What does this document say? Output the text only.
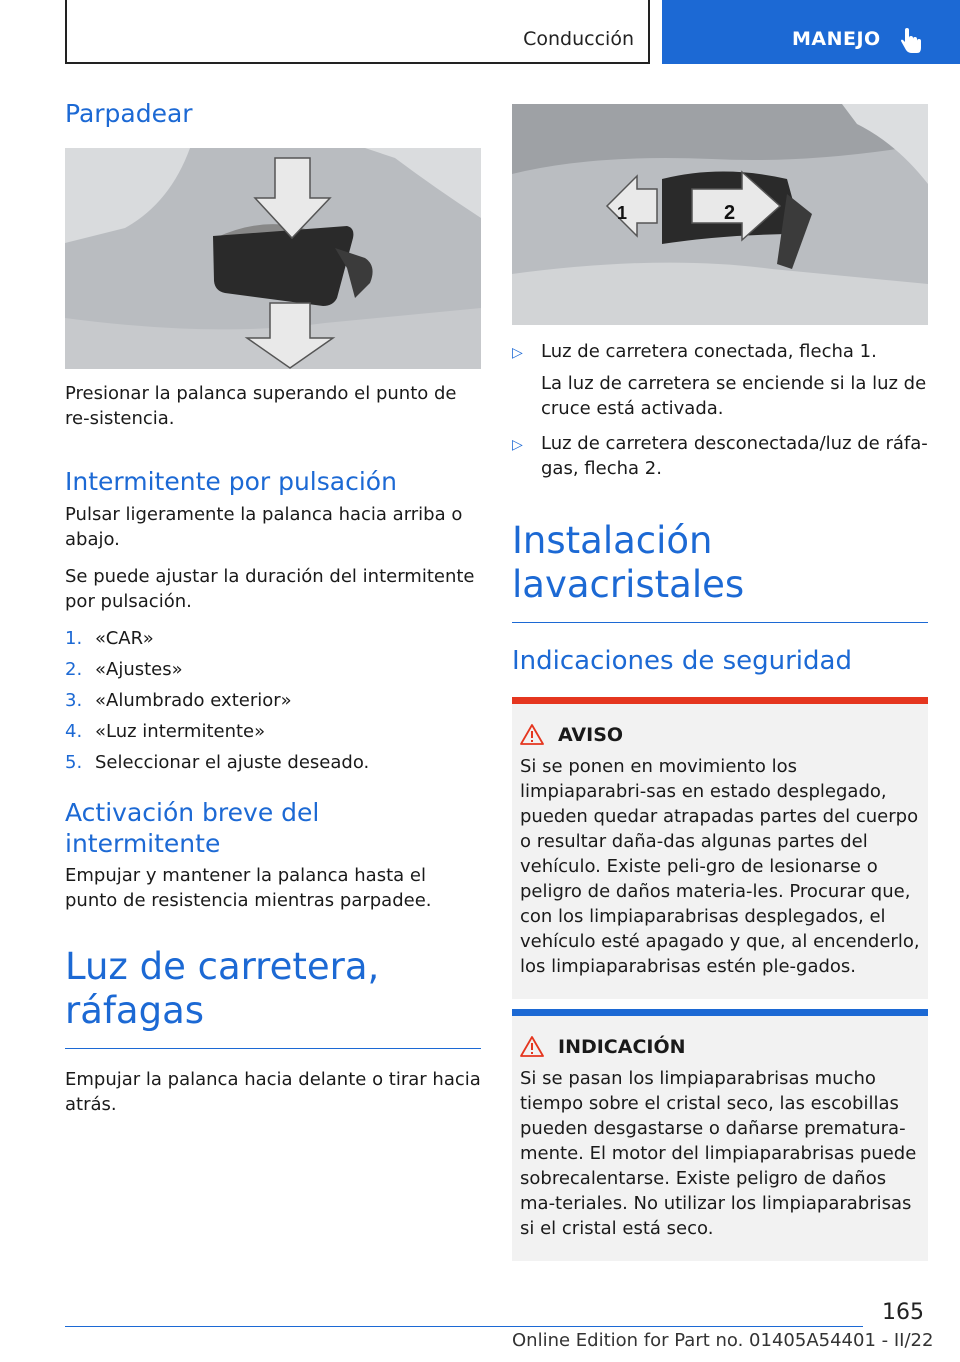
Conducción	MANEJO
Parpadear

Presionar la palanca superando el punto de re-sistencia.

Intermitente por pulsación

Pulsar ligeramente la palanca hacia arriba o abajo.

Se puede ajustar la duración del intermitente por pulsación.

1. «CAR»
2. «Ajustes»
3. «Alumbrado exterior»
4. «Luz intermitente»
5. Seleccionar el ajuste deseado.
Activación breve del intermitente

Empujar y mantener la palanca hasta el punto de resistencia mientras parpadee.

Luz de carretera, ráfagas

Empujar la palanca hacia delante o tirar hacia atrás.

1	2
▷	Luz de carretera conectada, flecha 1.
La luz de carretera se enciende si la luz de cruce está activada.
▷	Luz de carretera desconectada/luz de ráfa-gas, flecha 2.
Instalación lavacristales
Indicaciones de seguridad
AVISO

Si se ponen en movimiento los limpiaparabri-sas en estado desplegado, pueden quedar atrapadas partes del cuerpo o resultar daña-das algunas partes del vehículo. Existe peli-gro de lesionarse o peligro de daños materia-les. Procurar que, con los limpiaparabrisas desplegados, el vehículo esté apagado y que, al encenderlo, los limpiaparabrisas estén ple-gados.

INDICACIÓN

Si se pasan los limpiaparabrisas mucho tiempo sobre el cristal seco, las escobillas pueden desgastarse o dañarse prematura-mente. El motor del limpiaparabrisas puede sobrecalentarse. Existe peligro de daños ma-teriales. No utilizar los limpiaparabrisas si el cristal está seco.

165
Online Edition for Part no. 01405A54401 - II/22
